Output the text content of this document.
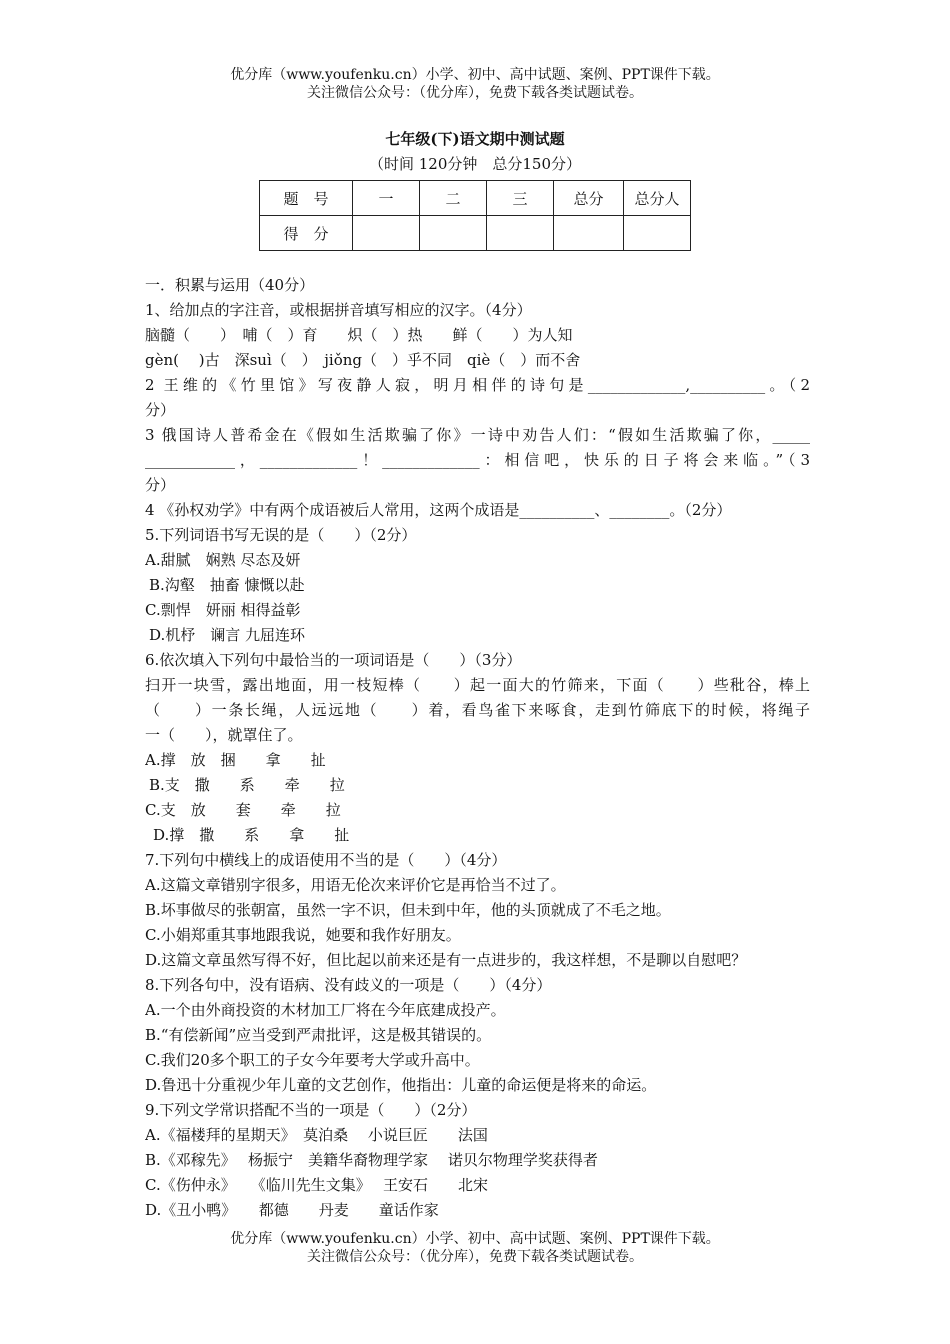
优分库（www.youfenku.cn）小学、初中、高中试题、案例、PPT课件下载。
关注微信公众号：（优分库），免费下载各类试题试卷。
七年级(下)语文期中测试题
（时间 120分钟　总分150分）
题　号	一	二	三	总分	总分人
得　分					
一．积累与运用（40分）
1、给加点的字注音，或根据拼音填写相应的汉字。（4分）
脑髓（　　）　哺（　）育　　炽（　）热　　鲜（　　）为人知
gèn(　 )古　深suì（　）　jiǒng（　）乎不同　qiè（　）而不舍
2 王维的《竹里馆》写夜静人寂，明月相伴的诗句是_____________,__________。（2
分）
3 俄国诗人普希金在《假如生活欺骗了你》一诗中劝告人们：“假如生活欺骗了你，_____
____________，_____________！_____________：相信吧，快乐的日子将会来临。”（3
分）
4 《孙权劝学》中有两个成语被后人常用，这两个成语是__________、________。（2分）
5.下列词语书写无误的是（　　）（2分）
A.甜腻　娴熟 尽态及妍
B.沟壑　抽畜 慷慨以赴
C.剽悍　妍丽 相得益彰
D.机杼　谰言 九屈连环
6.依次填入下列句中最恰当的一项词语是（　　）（3分）
扫开一块雪，露出地面，用一枝短棒（　　）起一面大的竹筛来，下面（　　）些秕谷，棒上
（　　）一条长绳，人远远地（　　）着，看鸟雀下来啄食，走到竹筛底下的时候，将绳子
一（　　），就罩住了。
A.撑　放　捆　　拿　　扯
B.支　撒　　系　　牵　　拉
C.支　放　　套　　牵　　拉
D.撑　撒　　系　　拿　　扯
7.下列句中横线上的成语使用不当的是（　　）（4分）
A.这篇文章错别字很多，用语无伦次来评价它是再恰当不过了。
B.坏事做尽的张朝富，虽然一字不识，但未到中年，他的头顶就成了不毛之地。
C.小娟郑重其事地跟我说，她要和我作好朋友。
D.这篇文章虽然写得不好，但比起以前来还是有一点进步的，我这样想，不是聊以自慰吧？
8.下列各句中，没有语病、没有歧义的一项是（　　）（4分）
A.一个由外商投资的木材加工厂将在今年底建成投产。
B.“有偿新闻”应当受到严肃批评，这是极其错误的。
C.我们20多个职工的子女今年要考大学或升高中。
D.鲁迅十分重视少年儿童的文艺创作，他指出：儿童的命运便是将来的命运。
9.下列文学常识搭配不当的一项是（　　）（2分）
A.《福楼拜的星期天》　莫泊桑　 小说巨匠　　法国
B.《邓稼先》　 杨振宁　美籍华裔物理学家　 诺贝尔物理学奖获得者
C.《伤仲永》　　《临川先生文集》　 王安石　　北宋
D.《丑小鸭》　　都德　　丹麦　　童话作家
优分库（www.youfenku.cn）小学、初中、高中试题、案例、PPT课件下载。
关注微信公众号：（优分库），免费下载各类试题试卷。
